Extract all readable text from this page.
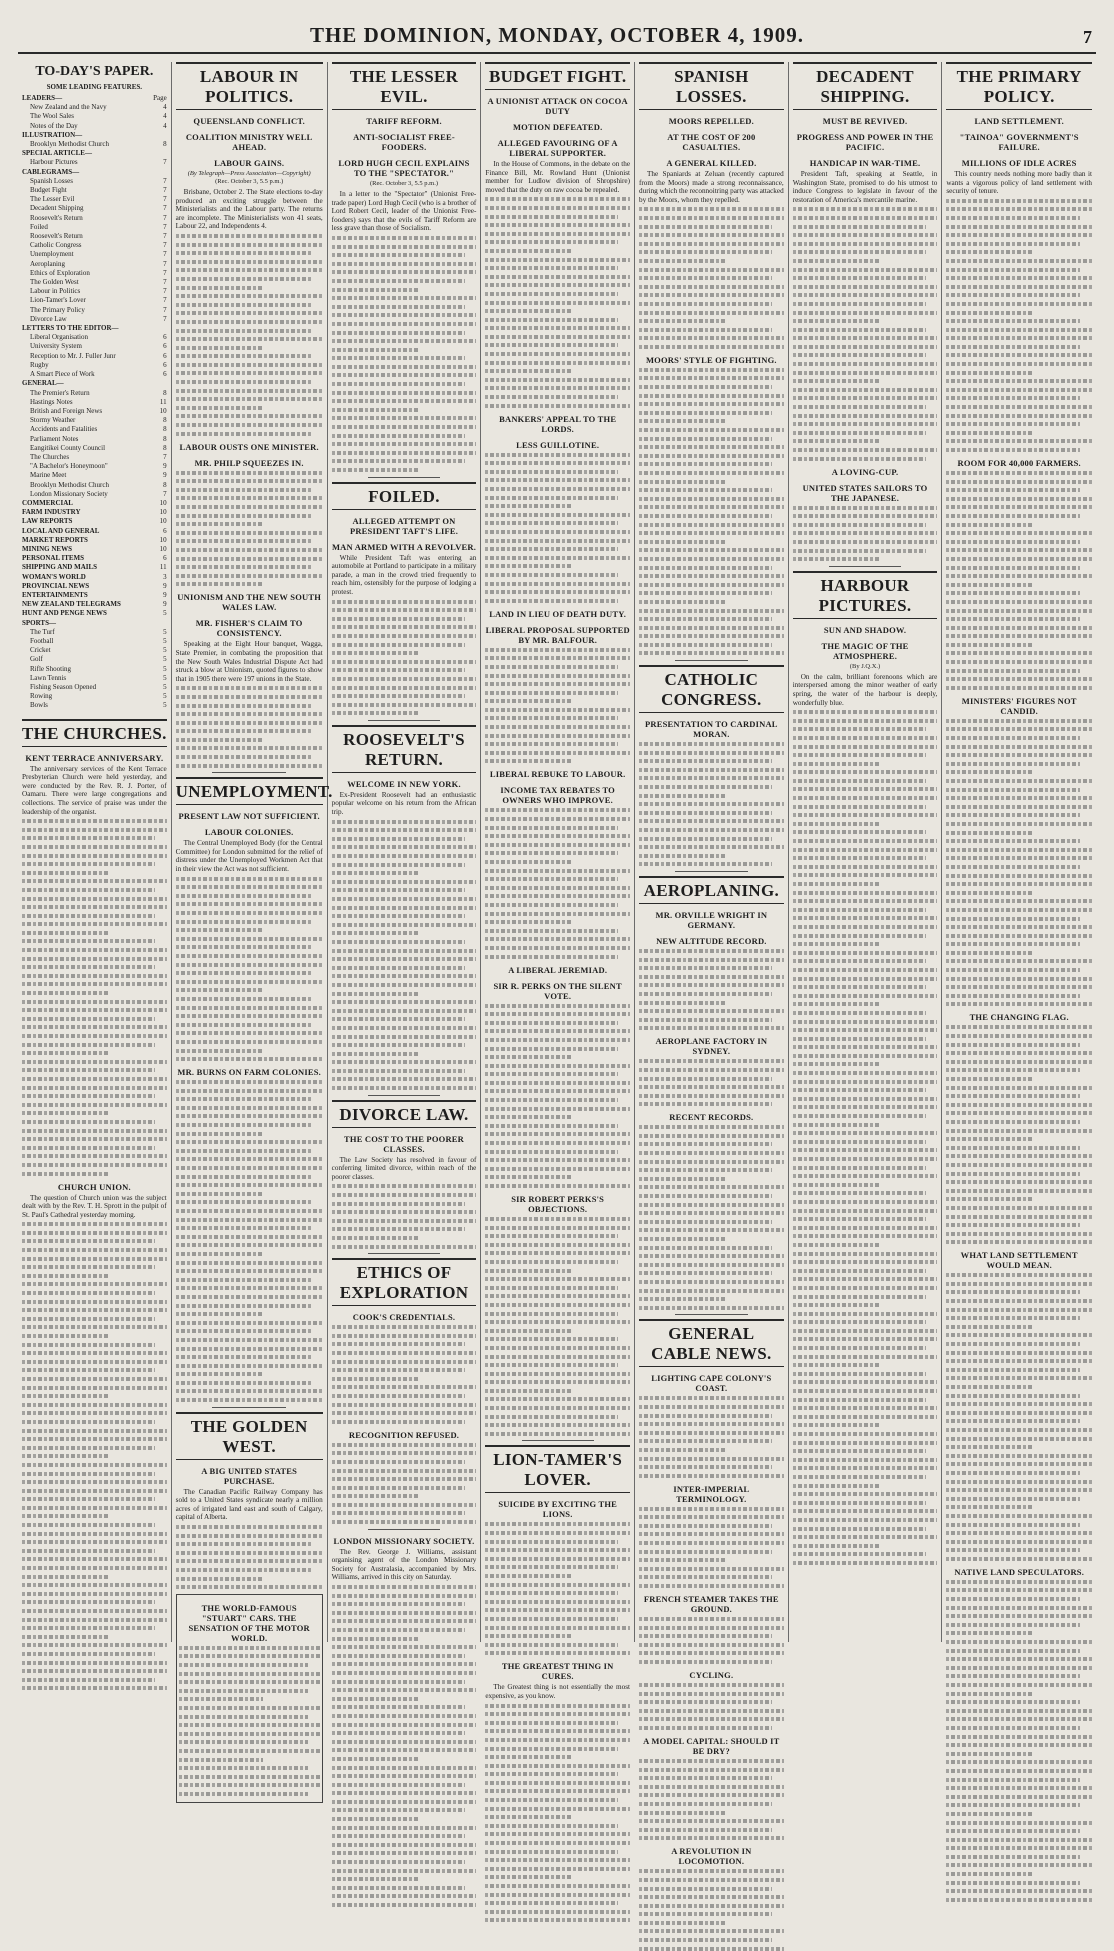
THE DOMINION, MONDAY, OCTOBER 4, 1909.	7
TO-DAY'S PAPER.
SOME LEADING FEATURES.
LEADERS—	Page
New Zealand and the Navy	4
The Wool Sales	4
Notes of the Day	4
ILLUSTRATION—
Brooklyn Methodist Church	8
SPECIAL ARTICLE—
Harbour Pictures	7
CABLEGRAMS—
Spanish Losses	7
Budget Fight	7
The Lesser Evil	7
Decadent Shipping	7
Roosevelt's Return	7
Foiled	7
Roosevelt's Return	7
Catholic Congress	7
Unemployment	7
Aeroplaning	7
Ethics of Exploration	7
The Golden West	7
Labour in Politics	7
Lion-Tamer's Lover	7
The Primary Policy	7
Divorce Law	7
LETTERS TO THE EDITOR—
Liberal Organisation	6
University System	6
Reception to Mr. J. Fuller Junr	6
Rugby	6
A Smart Piece of Work	6
GENERAL—
The Premier's Return	8
Hastings Notes	11
British and Foreign News	10
Stormy Weather	8
Accidents and Fatalities	8
Parliament Notes	8
Eangitikei County Council	8
The Churches	7
"A Bachelor's Honeymoon"	9
Marine Meet	9
Brooklyn Methodist Church	8
London Missionary Society	7
COMMERCIAL	10
FARM INDUSTRY	10
LAW REPORTS	10
LOCAL AND GENERAL	6
MARKET REPORTS	10
MINING NEWS	10
PERSONAL ITEMS	6
SHIPPING AND MAILS	11
WOMAN'S WORLD	3
PROVINCIAL NEWS	9
ENTERTAINMENTS	9
NEW ZEALAND TELEGRAMS	9
HUNT AND PENGE NEWS	5
SPORTS—
The Turf	5
Football	5
Cricket	5
Golf	5
Rifle Shooting	5
Lawn Tennis	5
Fishing Season Opened	5
Rowing	5
Bowls	5
THE CHURCHES.
KENT TERRACE ANNIVERSARY.

The anniversary services of the Kent Terrace Presbyterian Church were held yesterday, and were conducted by the Rev. R. J. Porter, of Oamaru. There were large congregations and collections. The service of praise was under the leadership of the organist.

CHURCH UNION.

The question of Church union was the subject dealt with by the Rev. T. H. Sprott in the pulpit of St. Paul's Cathedral yesterday morning.

LABOUR IN POLITICS.
QUEENSLAND CONFLICT.
COALITION MINISTRY WELL AHEAD.
LABOUR GAINS.
(By Telegraph—Press Association—Copyright)
(Rec. October 3, 5.5 p.m.)

Brisbane, October 2. The State elections to-day produced an exciting struggle between the Ministerialists and the Labour party. The returns are incomplete. The Ministerialists won 41 seats, Labour 22, and Independents 4.

LABOUR OUSTS ONE MINISTER.
MR. PHILP SQUEEZES IN.
UNIONISM AND THE NEW SOUTH WALES LAW.
MR. FISHER'S CLAIM TO CONSISTENCY.

Speaking at the Eight Hour banquet, Wagga, State Premier, in combating the proposition that the New South Wales Industrial Dispute Act had struck a blow at Unionism, quoted figures to show that in 1905 there were 197 unions in the State.

UNEMPLOYMENT.
PRESENT LAW NOT SUFFICIENT.
LABOUR COLONIES.

The Central Unemployed Body (for the Central Committee) for London submitted for the relief of distress under the Unemployed Workmen Act that in their view the Act was not sufficient.

MR. BURNS ON FARM COLONIES.
THE GOLDEN WEST.
A BIG UNITED STATES PURCHASE.

The Canadian Pacific Railway Company has sold to a United States syndicate nearly a million acres of irrigated land east and south of Calgary, capital of Alberta.

THE WORLD-FAMOUS "STUART" CARS. THE SENSATION OF THE MOTOR WORLD.
THE LESSER EVIL.
TARIFF REFORM.
ANTI-SOCIALIST FREE-FOODERS.
LORD HUGH CECIL EXPLAINS TO THE "SPECTATOR."
(Rec. October 3, 5.5 p.m.)

In a letter to the "Spectator" (Unionist Free-trade paper) Lord Hugh Cecil (who is a brother of Lord Robert Cecil, leader of the Unionist Free-fooders) says that the evils of Tariff Reform are less grave than those of Socialism.

FOILED.
ALLEGED ATTEMPT ON PRESIDENT TAFT'S LIFE.
MAN ARMED WITH A REVOLVER.

While President Taft was entering an automobile at Portland to participate in a military parade, a man in the crowd tried frequently to reach him, ostensibly for the purpose of lodging a protest.

ROOSEVELT'S RETURN.
WELCOME IN NEW YORK.

Ex-President Roosevelt had an enthusiastic popular welcome on his return from the African trip.

DIVORCE LAW.
THE COST TO THE POORER CLASSES.

The Law Society has resolved in favour of conferring limited divorce, within reach of the poorer classes.

ETHICS OF EXPLORATION
COOK'S CREDENTIALS.
RECOGNITION REFUSED.
LONDON MISSIONARY SOCIETY.

The Rev. George J. Williams, assistant organising agent of the London Missionary Society for Australasia, accompanied by Mrs. Williams, arrived in this city on Saturday.

BUDGET FIGHT.
A UNIONIST ATTACK ON COCOA DUTY
MOTION DEFEATED.
ALLEGED FAVOURING OF A LIBERAL SUPPORTER.

In the House of Commons, in the debate on the Finance Bill, Mr. Rowland Hunt (Unionist member for Ludlow division of Shropshire) moved that the duty on raw cocoa be repealed.

BANKERS' APPEAL TO THE LORDS.
LESS GUILLOTINE.
LAND IN LIEU OF DEATH DUTY.
LIBERAL PROPOSAL SUPPORTED BY MR. BALFOUR.
LIBERAL REBUKE TO LABOUR.
INCOME TAX REBATES TO OWNERS WHO IMPROVE.
A LIBERAL JEREMIAD.
SIR R. PERKS ON THE SILENT VOTE.
SIR ROBERT PERKS'S OBJECTIONS.
LION-TAMER'S LOVER.
SUICIDE BY EXCITING THE LIONS.
THE GREATEST THING IN CURES.

The Greatest thing is not essentially the most expensive, as you know.

SPANISH LOSSES.
MOORS REPELLED.
AT THE COST OF 200 CASUALTIES.
A GENERAL KILLED.

The Spaniards at Zeluan (recently captured from the Moors) made a strong reconnaissance, during which the reconnoitring party was attacked by the Moors, whom they repelled.

MOORS' STYLE OF FIGHTING.
CATHOLIC CONGRESS.
PRESENTATION TO CARDINAL MORAN.
AEROPLANING.
MR. ORVILLE WRIGHT IN GERMANY.
NEW ALTITUDE RECORD.
AEROPLANE FACTORY IN SYDNEY.
RECENT RECORDS.
GENERAL CABLE NEWS.
LIGHTING CAPE COLONY'S COAST.
INTER-IMPERIAL TERMINOLOGY.
FRENCH STEAMER TAKES THE GROUND.
CYCLING.
A MODEL CAPITAL: SHOULD IT BE DRY?
A REVOLUTION IN LOCOMOTION.
DECADENT SHIPPING.
MUST BE REVIVED.
PROGRESS AND POWER IN THE PACIFIC.
HANDICAP IN WAR-TIME.

President Taft, speaking at Seattle, in Washington State, promised to do his utmost to induce Congress to legislate in favour of the restoration of America's mercantile marine.

A LOVING-CUP.
UNITED STATES SAILORS TO THE JAPANESE.
HARBOUR PICTURES.
SUN AND SHADOW.
THE MAGIC OF THE ATMOSPHERE.
(By J.Q.X.)

On the calm, brilliant forenoons which are interspersed among the minor weather of early spring, the water of the harbour is deeply, wonderfully blue.

THE PRIMARY POLICY.
LAND SETTLEMENT.
"TAINOA" GOVERNMENT'S FAILURE.
MILLIONS OF IDLE ACRES

This country needs nothing more badly than it wants a vigorous policy of land settlement with security of tenure.

ROOM FOR 40,000 FARMERS.
MINISTERS' FIGURES NOT CANDID.
THE CHANGING FLAG.
WHAT LAND SETTLEMENT WOULD MEAN.
NATIVE LAND SPECULATORS.
